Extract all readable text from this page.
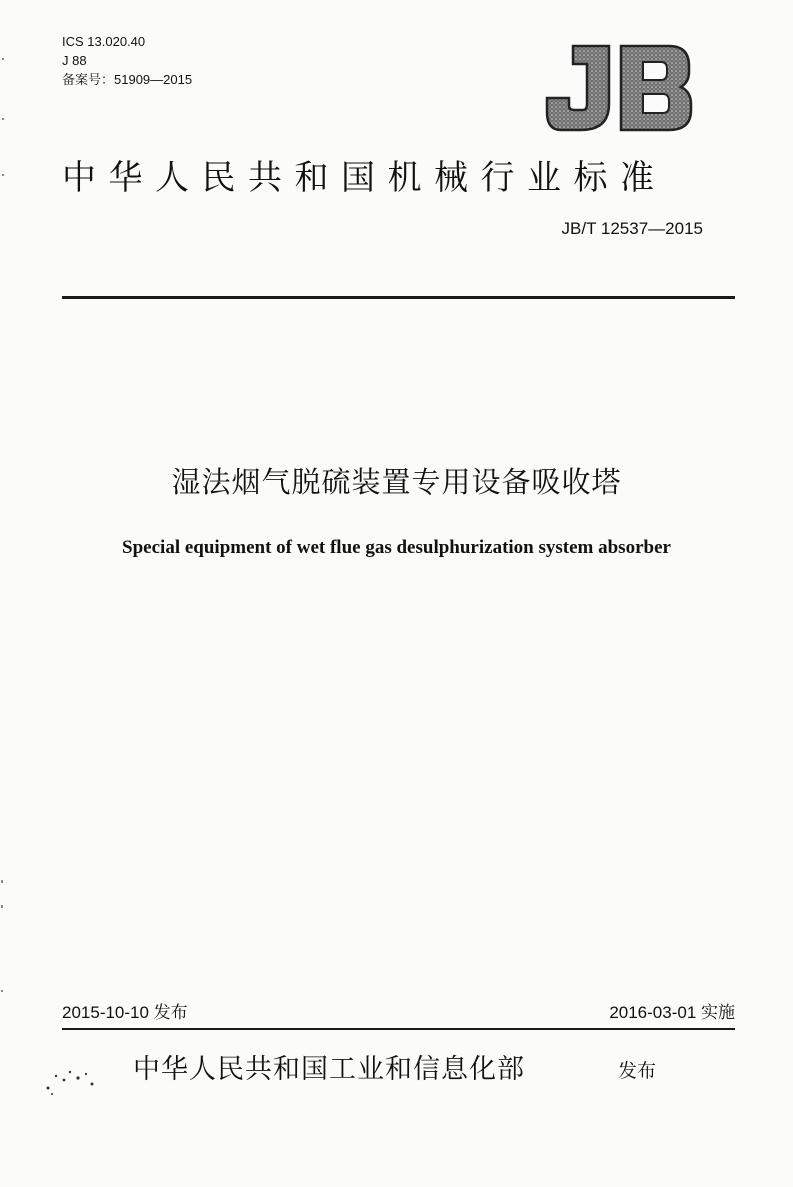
ICS 13.020.40
J 88
备案号：51909—2015
中华人民共和国机械行业标准
JB/T 12537—2015
湿法烟气脱硫装置专用设备吸收塔
Special equipment of wet flue gas desulphurization system absorber
2015-10-10 发布	2016-03-01 实施
中华人民共和国工业和信息化部	发布
